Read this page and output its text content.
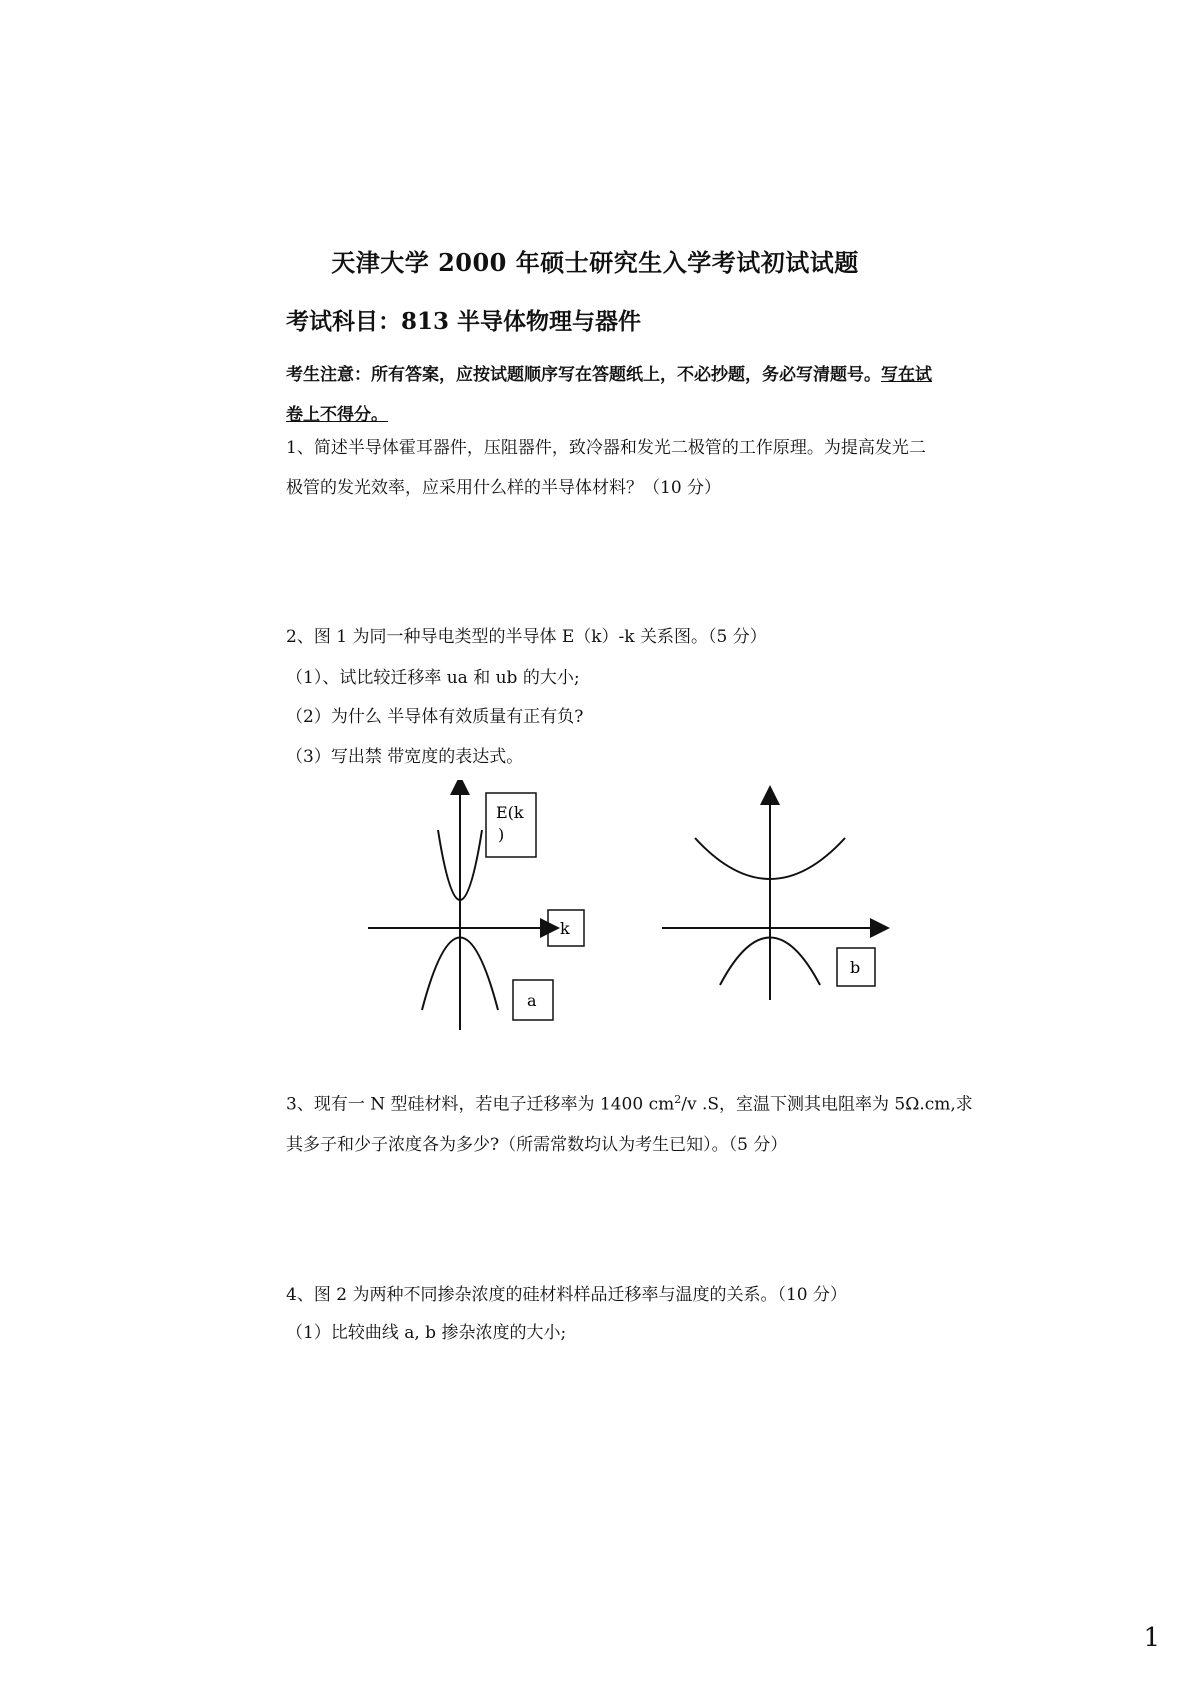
天津大学 2000 年硕士研究生入学考试初试试题
考试科目：813 半导体物理与器件
考生注意：所有答案，应按试题顺序写在答题纸上，不必抄题，务必写清题号。写在试
卷上不得分。
1、简述半导体霍耳器件，压阻器件，致冷器和发光二极管的工作原理。为提高发光二
极管的发光效率，应采用什么样的半导体材料？（10 分）
2、图 1 为同一种导电类型的半导体 E（k）-k 关系图。（5 分）
（1）、试比较迁移率 ua 和 ub 的大小;
（2）为什么 半导体有效质量有正有负?
（3）写出禁 带宽度的表达式。
E(k
)
k
a
b
3、现有一 N 型硅材料，若电子迁移率为 1400 $cm^2/v$ .S，室温下测其电阻率为 5Ω.cm,求
其多子和少子浓度各为多少?（所需常数均认为考生已知）。（5 分）
4、图 2 为两种不同掺杂浓度的硅材料样品迁移率与温度的关系。（10 分）
（1）比较曲线 a, b 掺杂浓度的大小;
1
